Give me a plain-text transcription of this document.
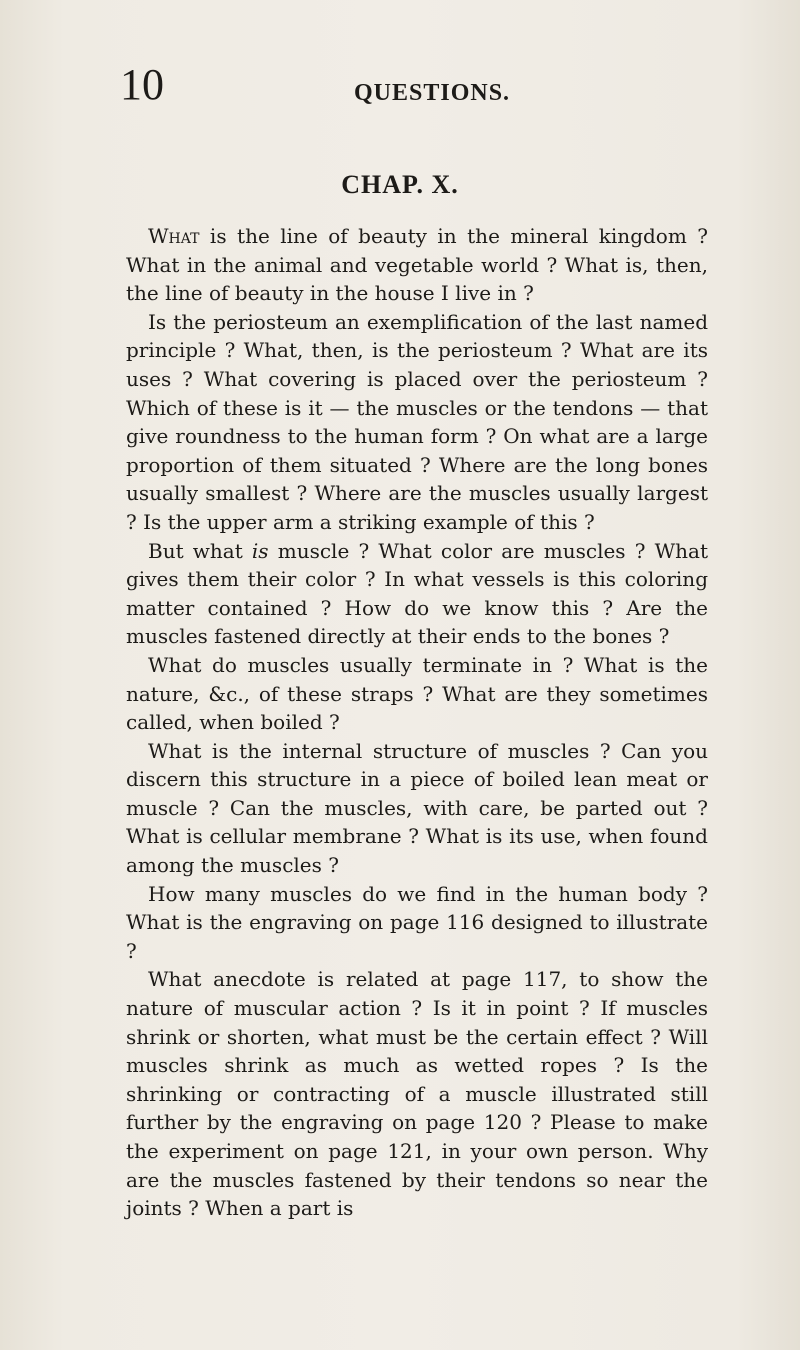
10	QUESTIONS.
CHAP. X.

What is the line of beauty in the mineral kingdom ? What in the animal and vegetable world ? What is, then, the line of beauty in the house I live in ?

Is the periosteum an exemplification of the last named principle ? What, then, is the periosteum ? What are its uses ? What covering is placed over the periosteum ? Which of these is it — the muscles or the tendons — that give roundness to the human form ? On what are a large proportion of them situated ? Where are the long bones usually smallest ? Where are the muscles usually largest ? Is the upper arm a striking example of this ?

But what is muscle ? What color are muscles ? What gives them their color ? In what vessels is this coloring matter contained ? How do we know this ? Are the muscles fastened directly at their ends to the bones ?

What do muscles usually terminate in ? What is the nature, &c., of these straps ? What are they sometimes called, when boiled ?

What is the internal structure of muscles ? Can you discern this structure in a piece of boiled lean meat or muscle ? Can the muscles, with care, be parted out ? What is cellular membrane ? What is its use, when found among the muscles ?

How many muscles do we find in the human body ? What is the engraving on page 116 designed to illustrate ?

What anecdote is related at page 117, to show the nature of muscular action ? Is it in point ? If muscles shrink or shorten, what must be the certain effect ? Will muscles shrink as much as wetted ropes ? Is the shrinking or contracting of a muscle illustrated still further by the engraving on page 120 ? Please to make the experiment on page 121, in your own person. Why are the muscles fastened by their tendons so near the joints ? When a part is
